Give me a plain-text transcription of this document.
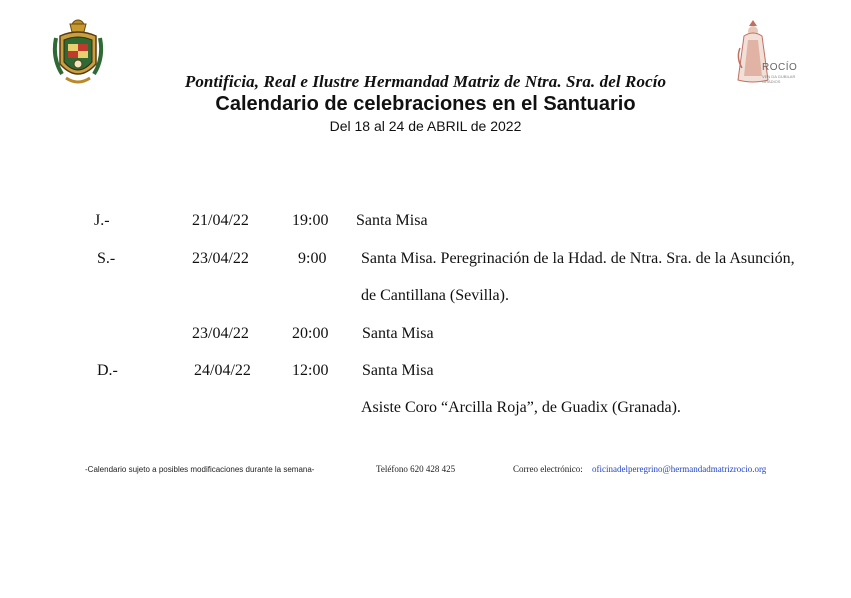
ROCÍO
VEN DA GUBILAR GRADIOS
Pontificia, Real e Ilustre Hermandad Matriz de Ntra. Sra. del Rocío
Calendario de celebraciones en el Santuario
Del 18 al 24 de ABRIL de 2022
J.-	21/04/22	19:00 Santa Misa
S.-	23/04/22	9:00 Santa Misa. Peregrinación de la Hdad. de Ntra. Sra. de la Asunción,
de Cantillana (Sevilla).
23/04/22	20:00 Santa Misa
D.-	24/04/22	12:00 Santa Misa
Asiste Coro “Arcilla Roja”, de Guadix (Granada).
-Calendario sujeto a posibles modificaciones durante la semana-	Teléfono 620 428 425	Correo electrónico: oficinadelperegrino@hermandadmatrizrocio.org
